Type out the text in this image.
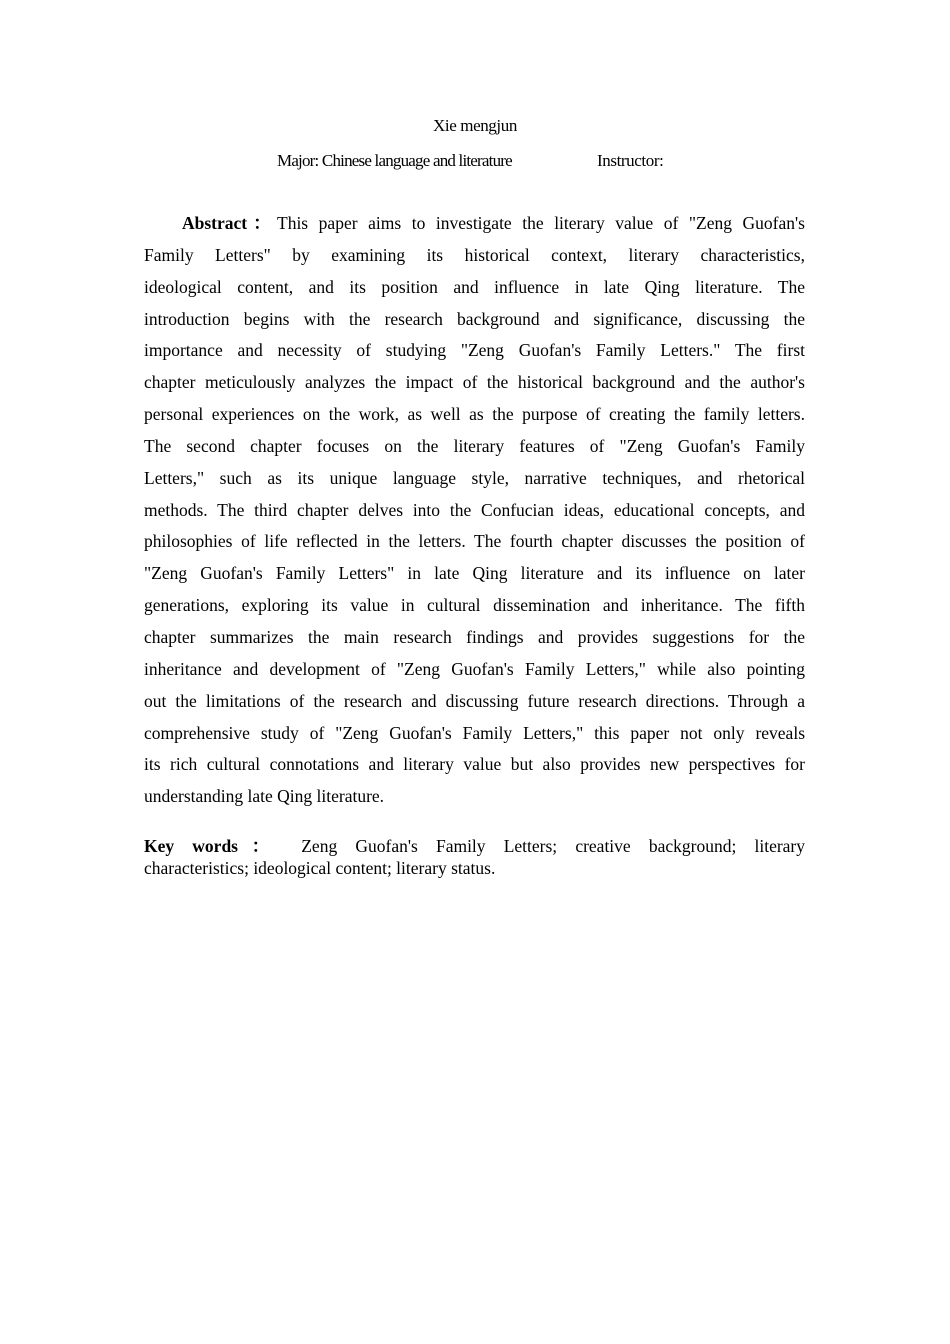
Xie mengjun
Major: Chinese language and literature	Instructor:
Abstract：This paper aims to investigate the literary value of "Zeng Guofan's
Family Letters" by examining its historical context, literary characteristics,
ideological content, and its position and influence in late Qing literature. The
introduction begins with the research background and significance, discussing the
importance and necessity of studying "Zeng Guofan's Family Letters." The first
chapter meticulously analyzes the impact of the historical background and the author's
personal experiences on the work, as well as the purpose of creating the family letters.
The second chapter focuses on the literary features of "Zeng Guofan's Family
Letters," such as its unique language style, narrative techniques, and rhetorical
methods. The third chapter delves into the Confucian ideas, educational concepts, and
philosophies of life reflected in the letters. The fourth chapter discusses the position of
"Zeng Guofan's Family Letters" in late Qing literature and its influence on later
generations, exploring its value in cultural dissemination and inheritance. The fifth
chapter summarizes the main research findings and provides suggestions for the
inheritance and development of "Zeng Guofan's Family Letters," while also pointing
out the limitations of the research and discussing future research directions. Through a
comprehensive study of "Zeng Guofan's Family Letters," this paper not only reveals
its rich cultural connotations and literary value but also provides new perspectives for
understanding late Qing literature.
Key words： Zeng Guofan's Family Letters; creative background; literary
characteristics; ideological content; literary status.
